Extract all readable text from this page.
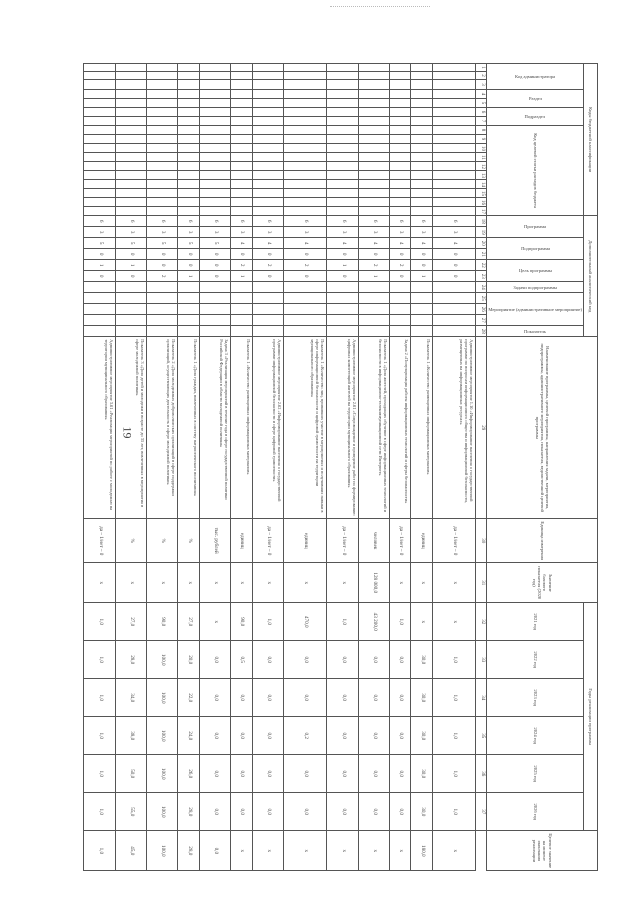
19
Коды бюджетной классификации																	Дополнительный аналитический код											Наименование программы, целевой программы, направления задачи, мероприятия, подпрограммы, административного мероприятия, показателя, ведомственной целевой программы	Единица измерения	Значение базового показателя (2020 год)	Годы реализации программы						Целевое значение на момент окончания реализации

Код администратора			Раздел		Подраздел		Код целевой статьи расходов бюджета										Программа		Подпрограмма		Цель программы		Задачи подпрограммы	Мероприятие (административное мероприятие)			Показатель				2021 год	2022 год	2023 год	2024 год	2025 год	2026 год	

1	2	3	4	5	6	7	8	9	10	11	12	13	14	15	16	17	18	19	20	21	22	23	24	25	26	27	28	29	30	31	32	33	34	35	36	37	
																	6	3	4	0	0	0						Административное мероприятие 1.10 «Информирование населения о государственной программе по вопросам информационного общества и информационной безопасности, размещенных на информационных ресурсах»	да – 1/нет – 0	х	х	1,0	1,0	1,0	1,0	1,0	х
																	6	3	4	0	0	1						Показатель 1 «Количество размещенных информационных материалов»	единиц	х	х	30,0	30,0	30,0	30,0	30,0	180,0
																	6	3	4	0	2	0						Задача 2 «Популяризация работы информационных технологий и сферы безопасности»	да – 1/нет – 0	х	1,0	0,0	0,0	0,0	0,0	0,0	х
																	6	3	4	0	2	1						Показатель 1 «Доля жителей, проходящих обучение в сфере информационных технологий и безопасности в информационно-телекоммуникационной сети Интернет»	человек	128 000,0	43 200,0	0,0	0,0	0,0	0,0	0,0	х
																	6	3	4	0	1	0						Административное мероприятие 2.01 «Сопровождение и проведение работ по формированию цифровых компетенций жителей на территории муниципального образования»	да – 1/нет – 0	х	1,0	0,0	0,0	0,0	0,0	0,0	х
																	6	3	4	0	2	0						Показатель 1 «Количество лиц, принявших участие в мероприятиях и получивших навыки в сфере информационной безопасности и цифровой грамотности на территории муниципального образования»	единиц	х	470,0	0,0	0,0	0,2	0,0	0,0	х
																	6	3	4	0	2	0						Административное мероприятие 2.02 «Информирование населения о государственной программе информационной безопасности и сфере цифровой грамотности»	да – 1/нет – 0	х	1,0	0,0	0,0	0,0	0,0	0,0	х
																	6	3	4	0	2	1						Показатель 1 «Количество размещенных информационных материалов»	единиц	х	90,0	0,5	0,0	0,0	0,0	0,0	х
																	6	3	5	0	0	0						Задача 3 «Реализация мероприятий в течение года в сфере государственной политики Российской Федерации в области молодежной политики»	тыс. рублей	х	х	0,0	0,0	0,0	0,0	0,0	0,0
																	6	3	5	0	0	1						Показатель 1 «Доля граждан, вовлеченных в систему патриотического воспитания»	%	х	27,0	20,0	22,0	24,0	26,0	28,0	28,0
																	6	3	5	0	0	2						Показатель 2 «Доля молодежных добровольческих организаций в сфере поддержки организаций, осуществляющих деятельность в сфере молодежной политики»	%	х	90,0	100,0	100,0	100,0	100,0	100,0	100,0
																	6	3	5	0	1	0						Показатель 3 «Доля детей и молодежи в возрасте до 35 лет, вовлеченных в мероприятия в сфере молодежной политики»	%	х	27,0	28,0	34,0	38,0	50,0	55,0	45,0
																	6	3	5	0	1	0						Административное мероприятие 3.01 «Реализация мероприятий по работе с молодежью на территории муниципального образования»	да – 1/нет – 0	х	1,0	1,0	1,0	1,0	1,0	1,0	1,0
